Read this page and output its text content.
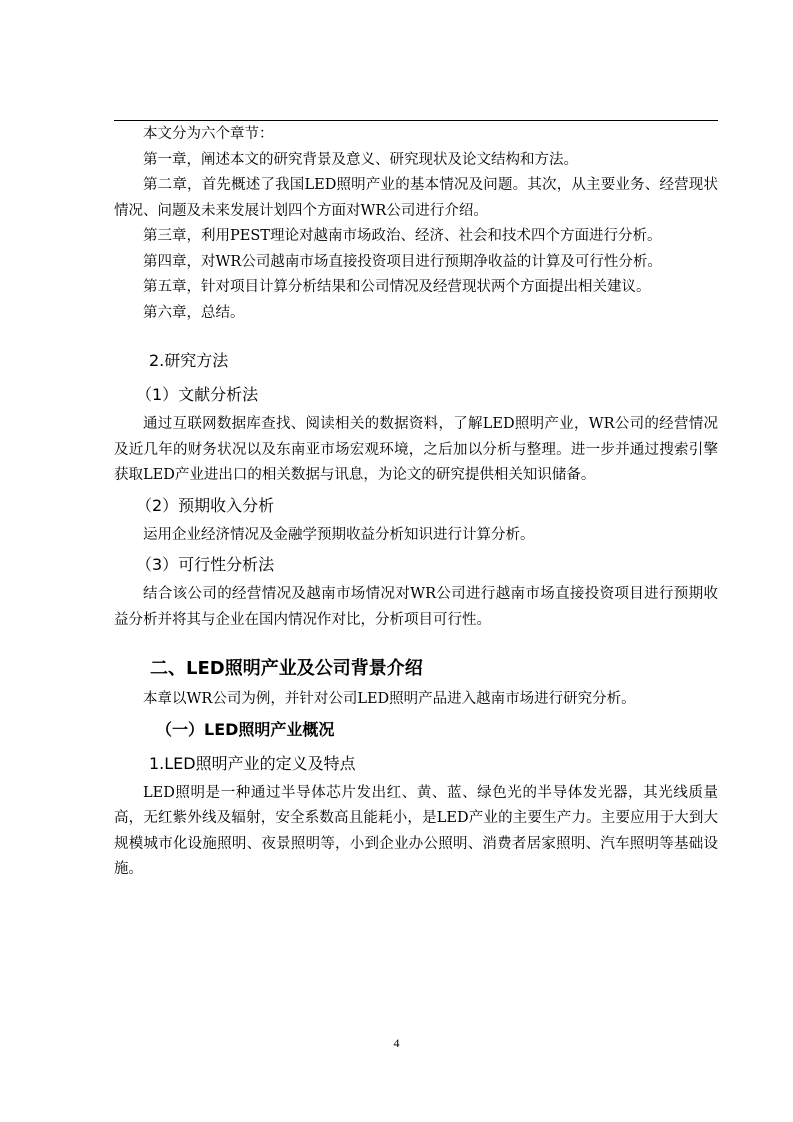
本文分为六个章节：

第一章，阐述本文的研究背景及意义、研究现状及论文结构和方法。

第二章，首先概述了我国LED照明产业的基本情况及问题。其次，从主要业务、经营现状情况、问题及未来发展计划四个方面对WR公司进行介绍。

第三章，利用PEST理论对越南市场政治、经济、社会和技术四个方面进行分析。

第四章，对WR公司越南市场直接投资项目进行预期净收益的计算及可行性分析。

第五章，针对项目计算分析结果和公司情况及经营现状两个方面提出相关建议。

第六章，总结。

2.研究方法
（1）文献分析法

通过互联网数据库查找、阅读相关的数据资料，了解LED照明产业，WR公司的经营情况及近几年的财务状况以及东南亚市场宏观环境，之后加以分析与整理。进一步并通过搜索引擎获取LED产业进出口的相关数据与讯息，为论文的研究提供相关知识储备。

（2）预期收入分析

运用企业经济情况及金融学预期收益分析知识进行计算分析。

（3）可行性分析法

结合该公司的经营情况及越南市场情况对WR公司进行越南市场直接投资项目进行预期收益分析并将其与企业在国内情况作对比，分析项目可行性。

二、LED照明产业及公司背景介绍

本章以WR公司为例，并针对公司LED照明产品进入越南市场进行研究分析。

（一）LED照明产业概况
1.LED照明产业的定义及特点

LED照明是一种通过半导体芯片发出红、黄、蓝、绿色光的半导体发光器，其光线质量高，无红紫外线及辐射，安全系数高且能耗小，是LED产业的主要生产力。主要应用于大到大规模城市化设施照明、夜景照明等，小到企业办公照明、消费者居家照明、汽车照明等基础设施。

4
